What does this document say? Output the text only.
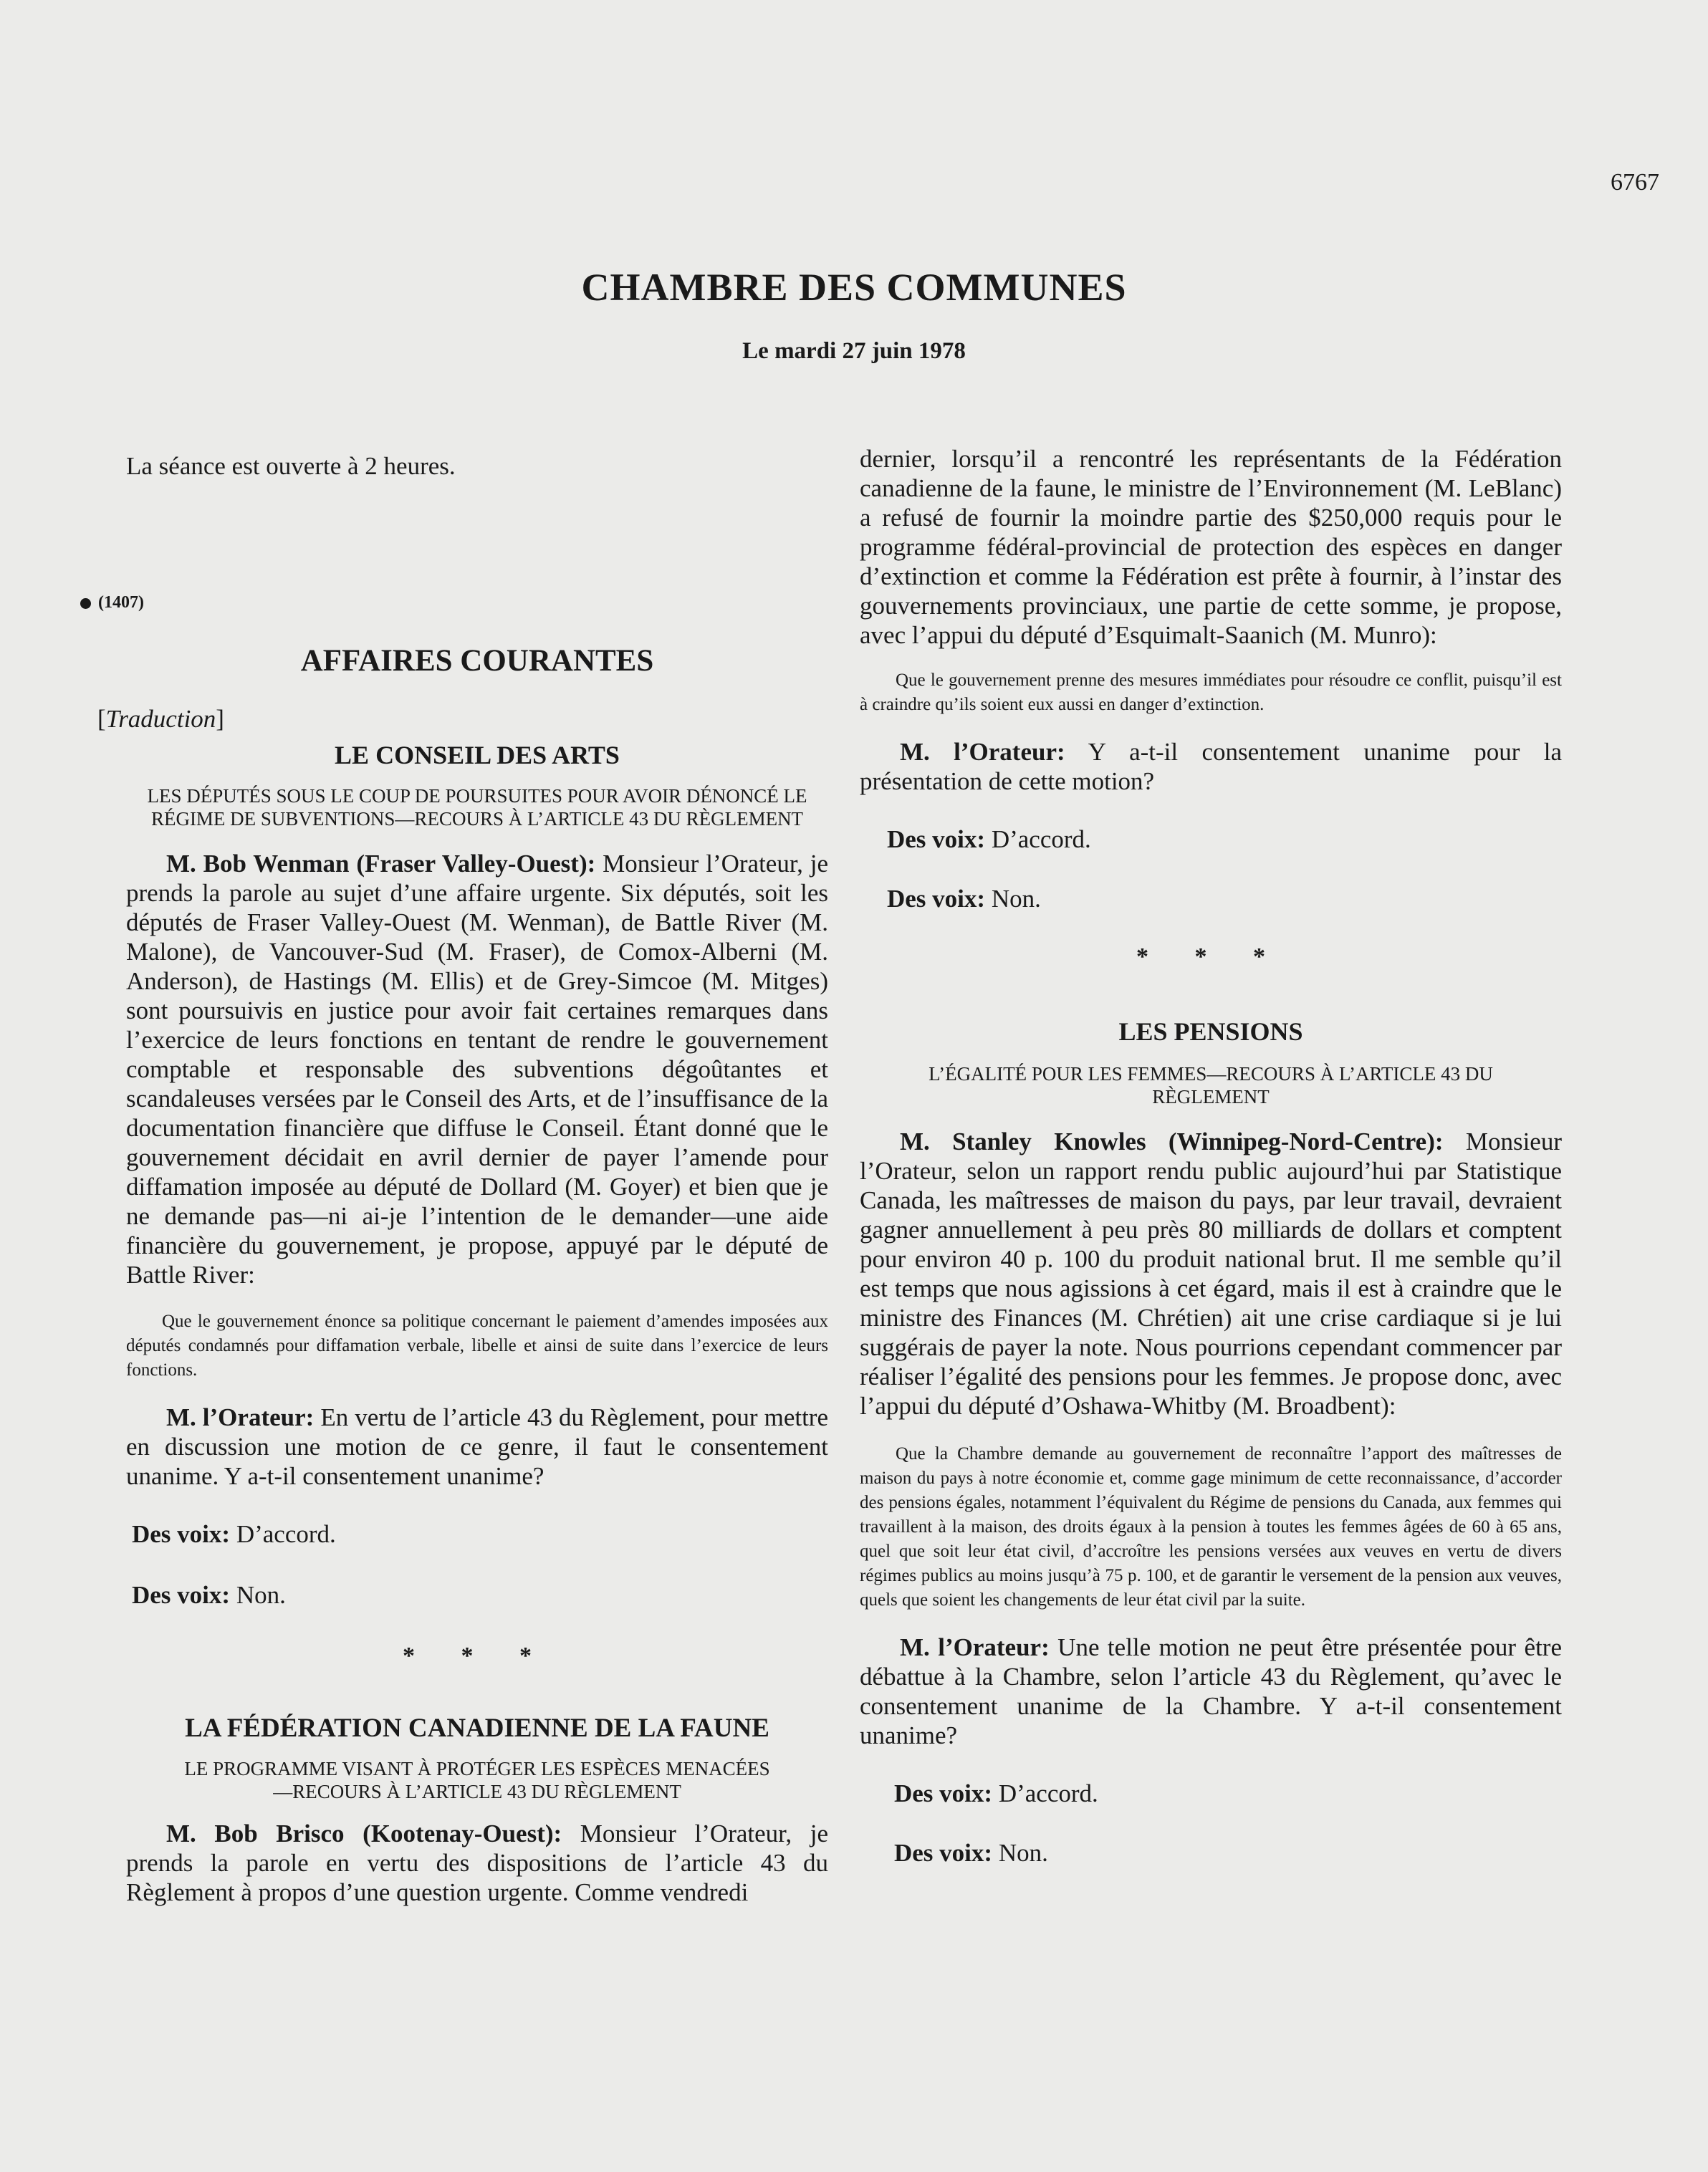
6767
CHAMBRE DES COMMUNES
Le mardi 27 juin 1978

La séance est ouverte à 2 heures.

(1407)
AFFAIRES COURANTES

[Traduction]

LE CONSEIL DES ARTS
LES DÉPUTÉS SOUS LE COUP DE POURSUITES POUR AVOIR DÉNONCÉ LE RÉGIME DE SUBVENTIONS—RECOURS À L’ARTICLE 43 DU RÈGLEMENT

M. Bob Wenman (Fraser Valley-Ouest): Monsieur l’Orateur, je prends la parole au sujet d’une affaire urgente. Six députés, soit les députés de Fraser Valley-Ouest (M. Wenman), de Battle River (M. Malone), de Vancouver-Sud (M. Fraser), de Comox-Alberni (M. Anderson), de Hastings (M. Ellis) et de Grey-Simcoe (M. Mitges) sont poursuivis en justice pour avoir fait certaines remarques dans l’exercice de leurs fonctions en tentant de rendre le gouvernement comptable et responsable des subventions dégoûtantes et scandaleuses versées par le Conseil des Arts, et de l’insuffisance de la documentation financière que diffuse le Conseil. Étant donné que le gouvernement décidait en avril dernier de payer l’amende pour diffamation imposée au député de Dollard (M. Goyer) et bien que je ne demande pas—ni ai-je l’intention de le demander—une aide financière du gouvernement, je propose, appuyé par le député de Battle River:

Que le gouvernement énonce sa politique concernant le paiement d’amendes imposées aux députés condamnés pour diffamation verbale, libelle et ainsi de suite dans l’exercice de leurs fonctions.

M. l’Orateur: En vertu de l’article 43 du Règlement, pour mettre en discussion une motion de ce genre, il faut le consentement unanime. Y a-t-il consentement unanime?

Des voix: D’accord.

Des voix: Non.

* * *
LA FÉDÉRATION CANADIENNE DE LA FAUNE
LE PROGRAMME VISANT À PROTÉGER LES ESPÈCES MENACÉES—RECOURS À L’ARTICLE 43 DU RÈGLEMENT

M. Bob Brisco (Kootenay-Ouest): Monsieur l’Orateur, je prends la parole en vertu des dispositions de l’article 43 du Règlement à propos d’une question urgente. Comme vendredi

dernier, lorsqu’il a rencontré les représentants de la Fédération canadienne de la faune, le ministre de l’Environnement (M. LeBlanc) a refusé de fournir la moindre partie des $250,000 requis pour le programme fédéral-provincial de protection des espèces en danger d’extinction et comme la Fédération est prête à fournir, à l’instar des gouvernements provinciaux, une partie de cette somme, je propose, avec l’appui du député d’Esquimalt-Saanich (M. Munro):

Que le gouvernement prenne des mesures immédiates pour résoudre ce conflit, puisqu’il est à craindre qu’ils soient eux aussi en danger d’extinction.

M. l’Orateur: Y a-t-il consentement unanime pour la présentation de cette motion?

Des voix: D’accord.

Des voix: Non.

* * *
LES PENSIONS
L’ÉGALITÉ POUR LES FEMMES—RECOURS À L’ARTICLE 43 DU RÈGLEMENT

M. Stanley Knowles (Winnipeg-Nord-Centre): Monsieur l’Orateur, selon un rapport rendu public aujourd’hui par Statistique Canada, les maîtresses de maison du pays, par leur travail, devraient gagner annuellement à peu près 80 milliards de dollars et comptent pour environ 40 p. 100 du produit national brut. Il me semble qu’il est temps que nous agissions à cet égard, mais il est à craindre que le ministre des Finances (M. Chrétien) ait une crise cardiaque si je lui suggérais de payer la note. Nous pourrions cependant commencer par réaliser l’égalité des pensions pour les femmes. Je propose donc, avec l’appui du député d’Oshawa-Whitby (M. Broadbent):

Que la Chambre demande au gouvernement de reconnaître l’apport des maîtresses de maison du pays à notre économie et, comme gage minimum de cette reconnaissance, d’accorder des pensions égales, notamment l’équivalent du Régime de pensions du Canada, aux femmes qui travaillent à la maison, des droits égaux à la pension à toutes les femmes âgées de 60 à 65 ans, quel que soit leur état civil, d’accroître les pensions versées aux veuves en vertu de divers régimes publics au moins jusqu’à 75 p. 100, et de garantir le versement de la pension aux veuves, quels que soient les changements de leur état civil par la suite.

M. l’Orateur: Une telle motion ne peut être présentée pour être débattue à la Chambre, selon l’article 43 du Règlement, qu’avec le consentement unanime de la Chambre. Y a-t-il consentement unanime?

Des voix: D’accord.

Des voix: Non.
